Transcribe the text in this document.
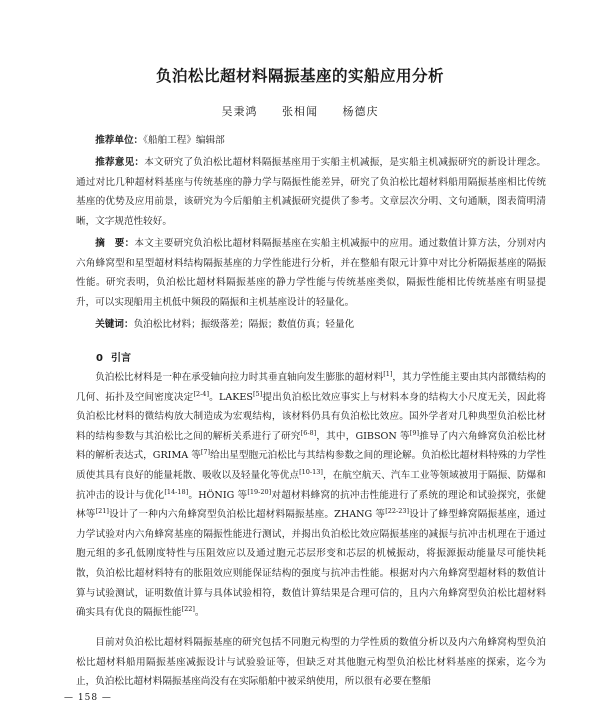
负泊松比超材料隔振基座的实船应用分析
吴秉鸿 张相闻 杨德庆
推荐单位：《船舶工程》编辑部
推荐意见：本文研究了负泊松比超材料隔振基座用于实船主机减振，是实船主机减振研究的新设计理念。通过对比几种超材料基座与传统基座的静力学与隔振性能差异，研究了负泊松比超材料船用隔振基座相比传统基座的优势及应用前景，该研究为今后船舶主机减振研究提供了参考。文章层次分明、文句通顺，图表简明清晰，文字规范性较好。
摘　要：本文主要研究负泊松比超材料隔振基座在实船主机减振中的应用。通过数值计算方法，分别对内六角蜂窝型和星型超材料结构隔振基座的力学性能进行分析，并在整船有限元计算中对比分析隔振基座的隔振性能。研究表明，负泊松比超材料隔振基座的静力学性能与传统基座类似，隔振性能相比传统基座有明显提升，可以实现船用主机低中频段的隔振和主机基座设计的轻量化。
关键词：负泊松比材料；振级落差；隔振；数值仿真；轻量化
0 引言
负泊松比材料是一种在承受轴向拉力时其垂直轴向发生膨胀的超材料[1]，其力学性能主要由其内部微结构的几何、拓扑及空间密度决定[2-4]。LAKES[5]提出负泊松比效应事实上与材料本身的结构大小尺度无关，因此将负泊松比材料的微结构放大制造成为宏观结构，该材料仍具有负泊松比效应。国外学者对几种典型负泊松比材料的结构参数与其泊松比之间的解析关系进行了研究[6-8]，其中，GIBSON 等[9]推导了内六角蜂窝负泊松比材料的解析表达式，GRIMA 等[7]给出星型胞元泊松比与其结构参数之间的理论解。负泊松比超材料特殊的力学性质使其具有良好的能量耗散、吸收以及轻量化等优点[10-13]，在航空航天、汽车工业等领域被用于隔振、防爆和抗冲击的设计与优化[14-18]。HÖNIG 等[19-20]对超材料蜂窝的抗冲击性能进行了系统的理论和试验探究，张健林等[21]设计了一种内六角蜂窝型负泊松比超材料隔振基座。ZHANG 等[22-23]设计了蜂型蜂窝隔振基座，通过力学试验对内六角蜂窝基座的隔振性能进行测试，并揭出负泊松比效应隔振基座的减振与抗冲击机理在于通过胞元组的多孔低刚度特性与压阻效应以及通过胞元芯层形变和芯层的机械振动，将振源振动能量尽可能快耗散，负泊松比超材料特有的胀阻效应则能保证结构的强度与抗冲击性能。根据对内六角蜂窝型超材料的数值计算与试验测试，证明数值计算与具体试验相符，数值计算结果是合理可信的，且内六角蜂窝型负泊松比超材料确实具有优良的隔振性能[22]。
目前对负泊松比超材料隔振基座的研究包括不同胞元构型的力学性质的数值分析以及内六角蜂窝构型负泊松比超材料船用隔振基座减振设计与试验验证等，但缺乏对其他胞元构型负泊松比材料基座的探索，迄今为止，负泊松比超材料隔振基座尚没有在实际船舶中被采纳使用，所以很有必要在整船
— 158 —
